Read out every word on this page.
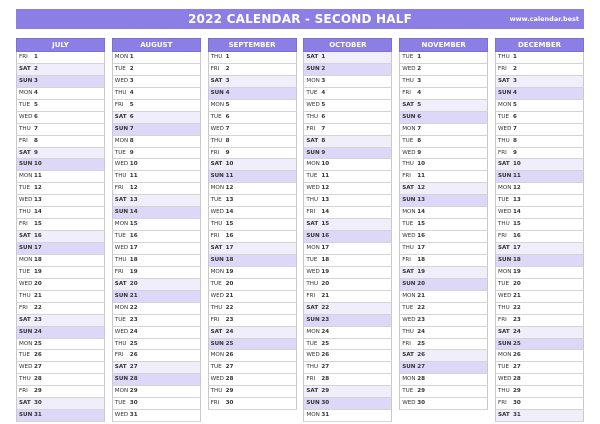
2022 CALENDAR - SECOND HALF	www.calendar.best
JULY
FRI 1
SAT 2
SUN 3
MON 4
TUE 5
WED 6
THU 7
FRI 8
SAT 9
SUN 10
MON 11
TUE 12
WED 13
THU 14
FRI 15
SAT 16
SUN 17
MON 18
TUE 19
WED 20
THU 21
FRI 22
SAT 23
SUN 24
MON 25
TUE 26
WED 27
THU 28
FRI 29
SAT 30
SUN 31
AUGUST
MON 1
TUE 2
WED 3
THU 4
FRI 5
SAT 6
SUN 7
MON 8
TUE 9
WED 10
THU 11
FRI 12
SAT 13
SUN 14
MON 15
TUE 16
WED 17
THU 18
FRI 19
SAT 20
SUN 21
MON 22
TUE 23
WED 24
THU 25
FRI 26
SAT 27
SUN 28
MON 29
TUE 30
WED 31
SEPTEMBER
THU 1
FRI 2
SAT 3
SUN 4
MON 5
TUE 6
WED 7
THU 8
FRI 9
SAT 10
SUN 11
MON 12
TUE 13
WED 14
THU 15
FRI 16
SAT 17
SUN 18
MON 19
TUE 20
WED 21
THU 22
FRI 23
SAT 24
SUN 25
MON 26
TUE 27
WED 28
THU 29
FRI 30
OCTOBER
SAT 1
SUN 2
MON 3
TUE 4
WED 5
THU 6
FRI 7
SAT 8
SUN 9
MON 10
TUE 11
WED 12
THU 13
FRI 14
SAT 15
SUN 16
MON 17
TUE 18
WED 19
THU 20
FRI 21
SAT 22
SUN 23
MON 24
TUE 25
WED 26
THU 27
FRI 28
SAT 29
SUN 30
MON 31
NOVEMBER
TUE 1
WED 2
THU 3
FRI 4
SAT 5
SUN 6
MON 7
TUE 8
WED 9
THU 10
FRI 11
SAT 12
SUN 13
MON 14
TUE 15
WED 16
THU 17
FRI 18
SAT 19
SUN 20
MON 21
TUE 22
WED 23
THU 24
FRI 25
SAT 26
SUN 27
MON 28
TUE 29
WED 30
DECEMBER
THU 1
FRI 2
SAT 3
SUN 4
MON 5
TUE 6
WED 7
THU 8
FRI 9
SAT 10
SUN 11
MON 12
TUE 13
WED 14
THU 15
FRI 16
SAT 17
SUN 18
MON 19
TUE 20
WED 21
THU 22
FRI 23
SAT 24
SUN 25
MON 26
TUE 27
WED 28
THU 29
FRI 30
SAT 31
